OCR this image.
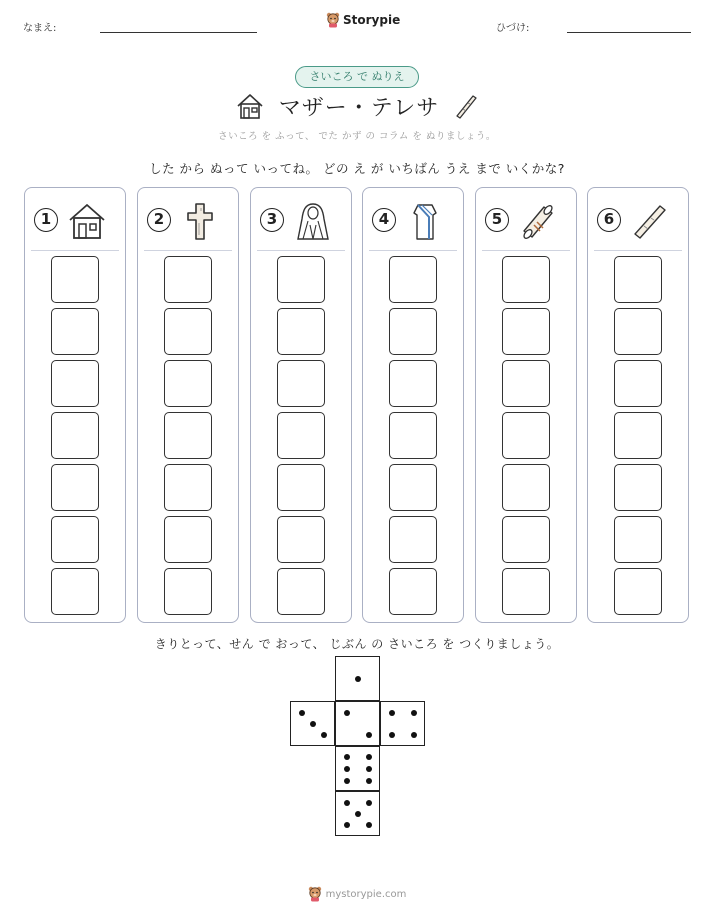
なまえ:
Storypie
ひづけ:
さいころ で ぬりえ
マザー・テレサ
さいころ を ふって、 でた かず の コラム を ぬりましょう。
した から ぬって いってね。 どの え が いちばん うえ まで いくかな?
1	2	3	4	5	6
きりとって、せん で おって、 じぶん の さいころ を つくりましょう。
mystorypie.com
